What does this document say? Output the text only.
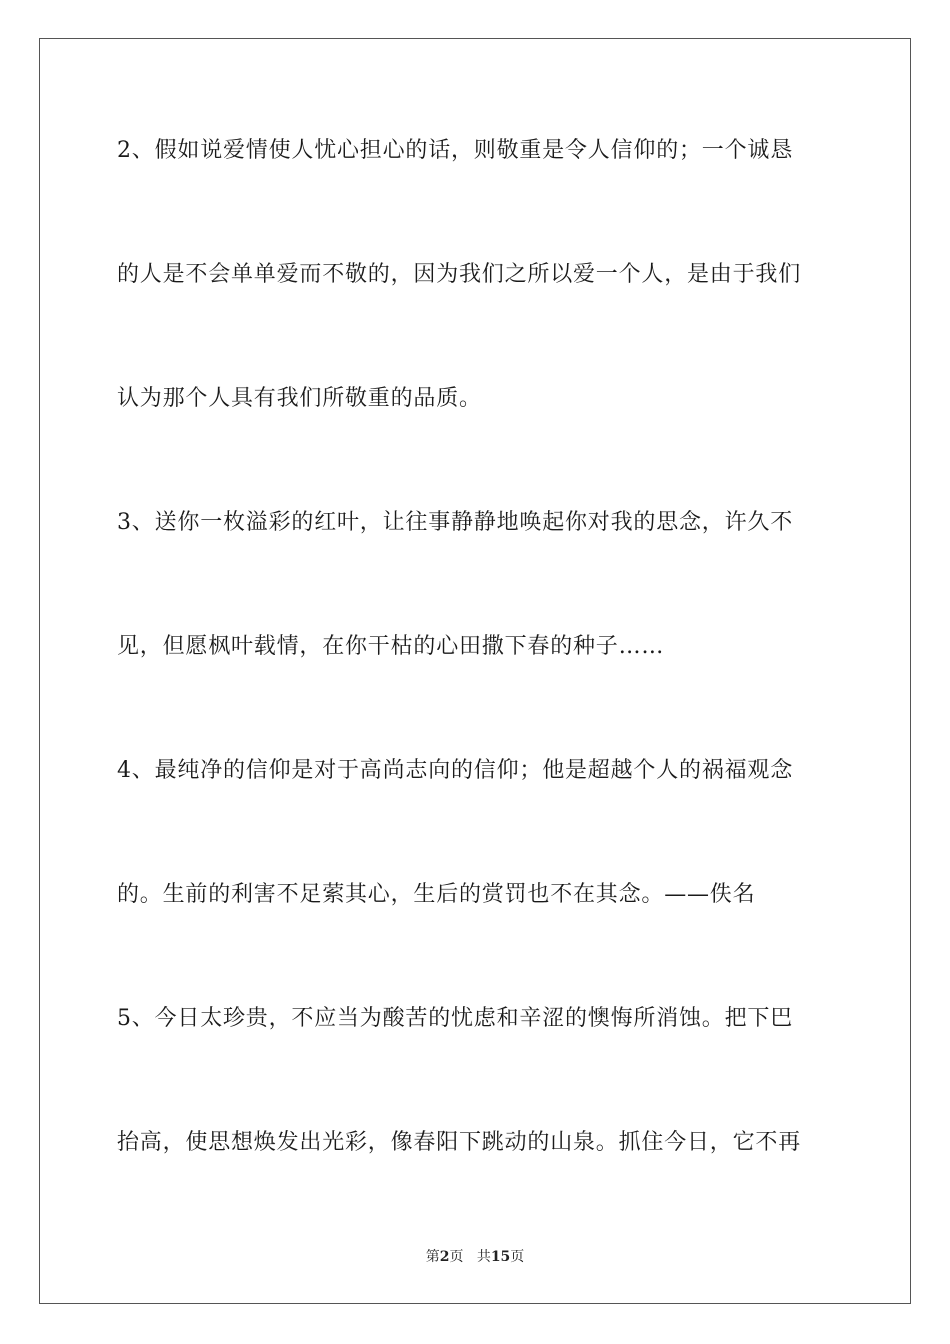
2、假如说爱情使人忧心担心的话，则敬重是令人信仰的；一个诚恳
的人是不会单单爱而不敬的，因为我们之所以爱一个人，是由于我们
认为那个人具有我们所敬重的品质。
3、送你一枚溢彩的红叶，让往事静静地唤起你对我的思念，许久不
见，但愿枫叶载情，在你干枯的心田撒下春的种子……
4、最纯净的信仰是对于高尚志向的信仰；他是超越个人的祸福观念
的。生前的利害不足萦其心，生后的赏罚也不在其念。——佚名
5、今日太珍贵，不应当为酸苦的忧虑和辛涩的懊悔所消蚀。把下巴
抬高，使思想焕发出光彩，像春阳下跳动的山泉。抓住今日，它不再
第2页 共15页
